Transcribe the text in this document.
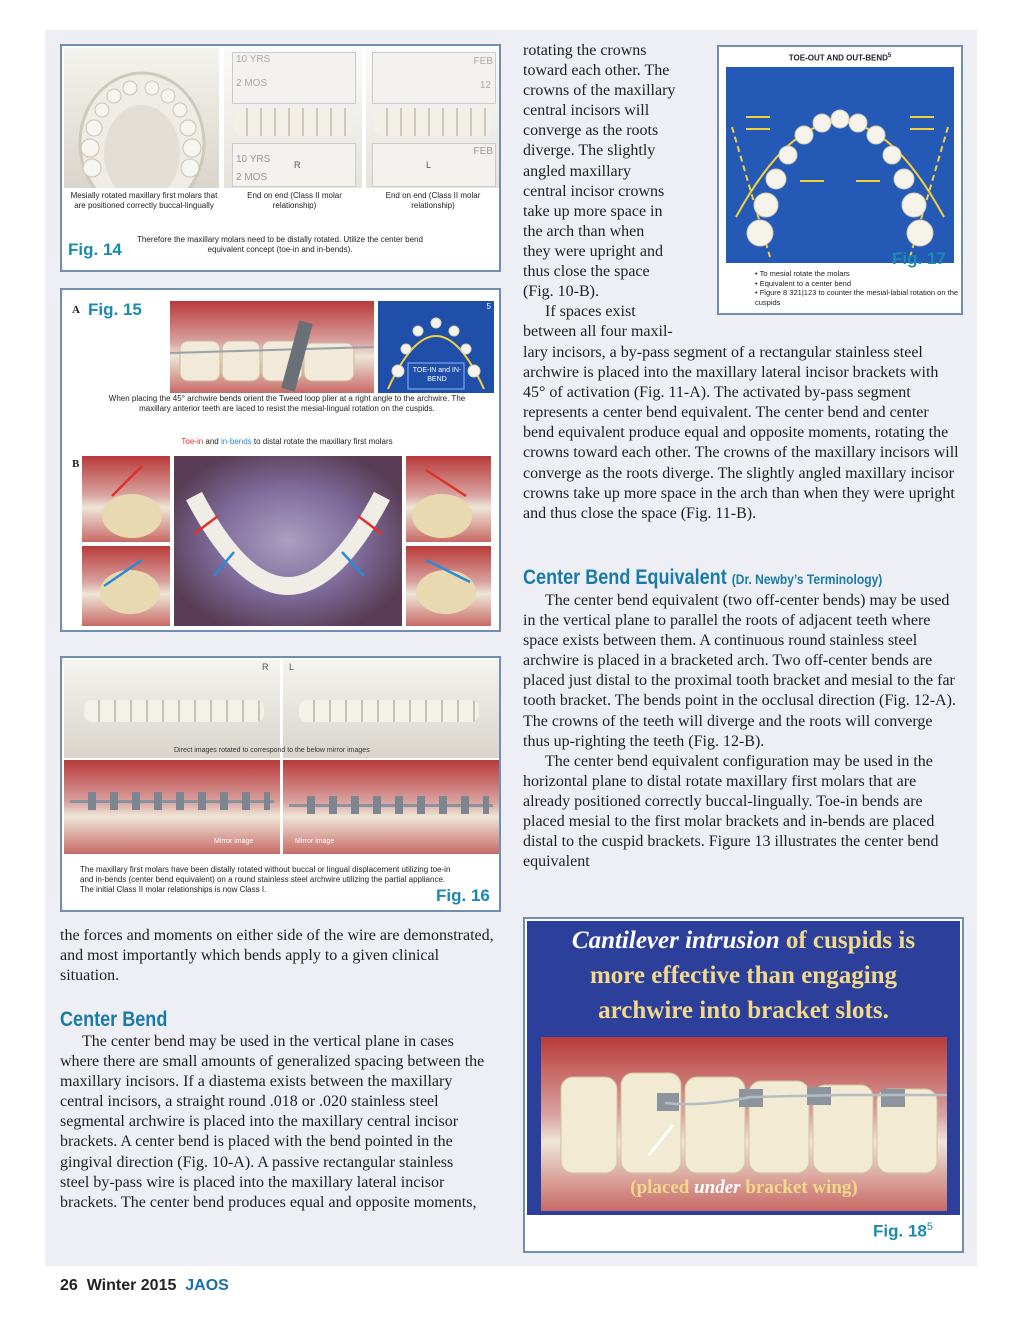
10 YRS
2 MOS
10 YRS
2 MOS
R
FEB
12
FEB
L
Mesially rotated maxillary first molars that are positioned correctly buccal-lingually
End on end (Class II molar relationship)
End on end (Class II molar relationship)
Therefore the maxillary molars need to be distally rotated. Utilize the center bend equivalent concept (toe-in and in-bends).
Fig. 14
A Fig. 15	5
TOE-IN and IN-BEND
When placing the 45° archwire bends orient the Tweed loop plier at a right angle to the archwire. The maxillary anterior teeth are laced to resist the mesial-lingual rotation on the cuspids.
Toe-in and in-bends to distal rotate the maxillary first molars
B
R L
Direct images rotated to correspond to the below mirror images
Mirror image	Mirror image
The maxillary first molars have been distally rotated without buccal or lingual displacement utilizing toe-in and in-bends (center bend equivalent) on a round stainless steel archwire utilizing the partial appliance. The initial Class II molar relationships is now Class I.	Fig. 16
TOE-OUT AND OUT-BEND$^5$
Fig. 17
• To mesial rotate the molars
• Equivalent to a center bend
• Figure 8 321|123 to counter the mesial-labial rotation on the cuspids
rotating the crowns
toward each other. The
crowns of the maxillary
central incisors will
converge as the roots
diverge. The slightly
angled maxillary
central incisor crowns
take up more space in
the arch than when
they were upright and
thus close the space
(Fig. 10-B).
If spaces exist
between all four maxil-

lary incisors, a by-pass segment of a rectangular stainless steel archwire is placed into the maxillary lateral incisor brackets with 45° of activation (Fig. 11-A). The activated by-pass segment represents a center bend equivalent. The center bend and center bend equivalent produce equal and opposite moments, rotating the crowns toward each other. The crowns of the maxillary incisors will converge as the roots diverge. The slightly angled maxillary incisor crowns take up more space in the arch than when they were upright and thus close the space (Fig. 11-B).

Center Bend Equivalent (Dr. Newby’s Terminology)

The center bend equivalent (two off-center bends) may be used in the vertical plane to parallel the roots of adjacent teeth where space exists between them. A continuous round stainless steel archwire is placed in a bracketed arch. Two off-center bends are placed just distal to the proximal tooth bracket and mesial to the far tooth bracket. The bends point in the occlusal direction (Fig. 12-A). The crowns of the teeth will diverge and the roots will converge thus up-righting the teeth (Fig. 12-B).

The center bend equivalent configuration may be used in the horizontal plane to distal rotate maxillary first molars that are already positioned correctly buccal-lingually. Toe-in bends are placed mesial to the first molar brackets and in-bends are placed distal to the cuspid brackets. Figure 13 illustrates the center bend equivalent

Cantilever intrusion of cuspids is
more effective than engaging
archwire into bracket slots.
(placed under bracket wing)
Fig. $18^5$

the forces and moments on either side of the wire are demonstrated, and most importantly which bends apply to a given clinical situation.

Center Bend

The center bend may be used in the vertical plane in cases where there are small amounts of generalized spacing between the maxillary incisors. If a diastema exists between the maxillary central incisors, a straight round .018 or .020 stainless steel segmental archwire is placed into the maxillary central incisor brackets. A center bend is placed with the bend pointed in the gingival direction (Fig. 10-A). A passive rectangular stainless steel by-pass wire is placed into the maxillary lateral incisor brackets. The center bend produces equal and opposite moments,

26 Winter 2015 JAOS
